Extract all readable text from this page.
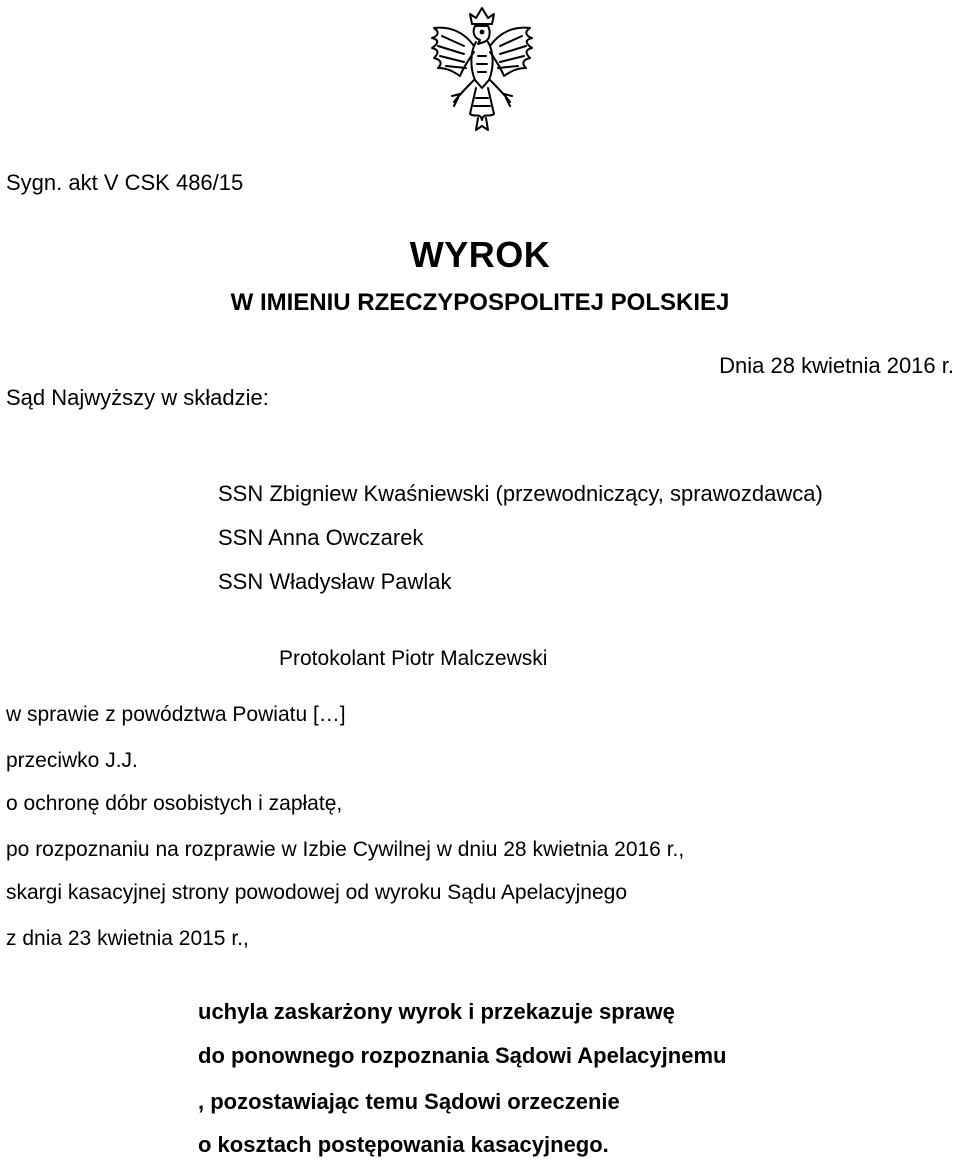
Sygn. akt V CSK 486/15
WYROK
W IMIENIU RZECZYPOSPOLITEJ POLSKIEJ
Dnia 28 kwietnia 2016 r.
Sąd Najwyższy w składzie:
SSN Zbigniew Kwaśniewski (przewodniczący, sprawozdawca)
SSN Anna Owczarek
SSN Władysław Pawlak
Protokolant Piotr Malczewski
w sprawie z powództwa Powiatu […]
przeciwko J.J.
o ochronę dóbr osobistych i zapłatę,
po rozpoznaniu na rozprawie w Izbie Cywilnej w dniu 28 kwietnia 2016 r.,
skargi kasacyjnej strony powodowej od wyroku Sądu Apelacyjnego
z dnia 23 kwietnia 2015 r.,
uchyla zaskarżony wyrok i przekazuje sprawę
do ponownego rozpoznania Sądowi Apelacyjnemu
, pozostawiając temu Sądowi orzeczenie
o kosztach postępowania kasacyjnego.
